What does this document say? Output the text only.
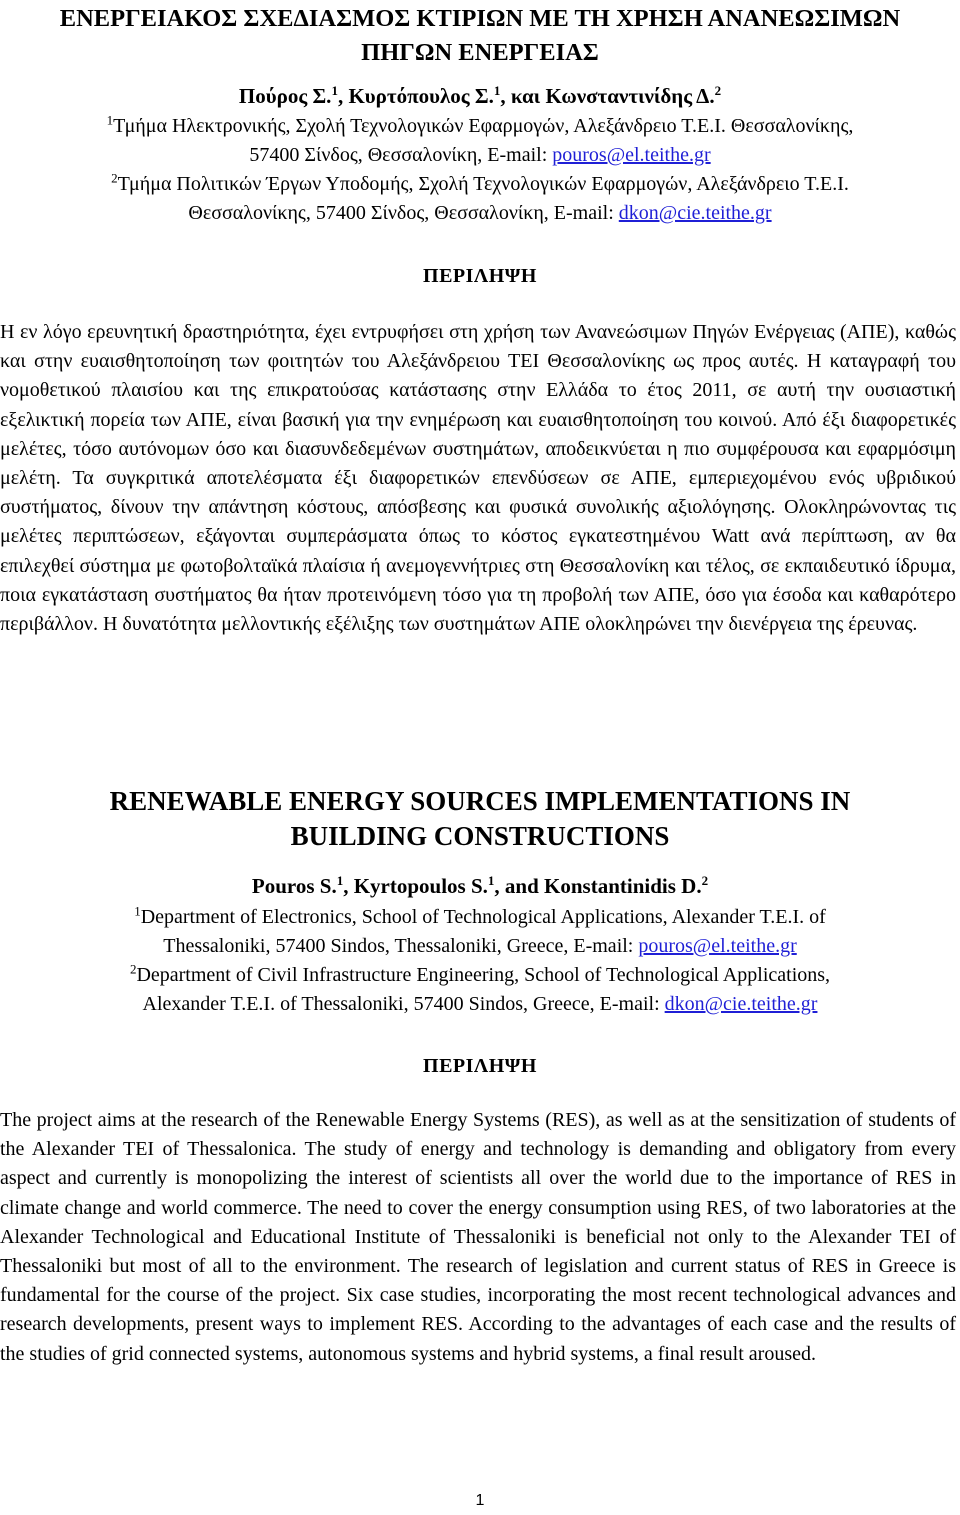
ΕΝΕΡΓΕΙΑΚΟΣ ΣΧΕΔΙΑΣΜΟΣ ΚΤΙΡΙΩΝ ΜΕ ΤΗ ΧΡΗΣΗ ΑΝΑΝΕΩΣΙΜΩΝ ΠΗΓΩΝ ΕΝΕΡΓΕΙΑΣ

Πούρος Σ.$^1$, Κυρτόπουλος Σ.$^1$, και Κωνσταντινίδης Δ.$^2$

$^1$Τμήμα Ηλεκτρονικής, Σχολή Τεχνολογικών Εφαρμογών, Αλεξάνδρειο Τ.Ε.Ι. Θεσσαλονίκης,
57400 Σίνδος, Θεσσαλονίκη, E-mail: pouros@el.teithe.gr

$^2$Τμήμα Πολιτικών Έργων Υποδομής, Σχολή Τεχνολογικών Εφαρμογών, Αλεξάνδρειο Τ.Ε.Ι.
Θεσσαλονίκης, 57400 Σίνδος, Θεσσαλονίκη, E-mail: dkon@cie.teithe.gr

ΠΕΡΙΛΗΨΗ

Η εν λόγο ερευνητική δραστηριότητα, έχει εντρυφήσει στη χρήση των Ανανεώσιμων Πηγών Ενέργειας (ΑΠΕ), καθώς και στην ευαισθητοποίηση των φοιτητών του Αλεξάνδρειου ΤΕΙ Θεσσαλονίκης ως προς αυτές. Η καταγραφή του νομοθετικού πλαισίου και της επικρατούσας κατάστασης στην Ελλάδα το έτος 2011, σε αυτή την ουσιαστική εξελικτική πορεία των ΑΠΕ, είναι βασική για την ενημέρωση και ευαισθητοποίηση του κοινού. Από έξι διαφορετικές μελέτες, τόσο αυτόνομων όσο και διασυνδεδεμένων συστημάτων, αποδεικνύεται η πιο συμφέρουσα και εφαρμόσιμη μελέτη. Τα συγκριτικά αποτελέσματα έξι διαφορετικών επενδύσεων σε ΑΠΕ, εμπεριεχομένου ενός υβριδικού συστήματος, δίνουν την απάντηση κόστους, απόσβεσης και φυσικά συνολικής αξιολόγησης. Ολοκληρώνοντας τις μελέτες περιπτώσεων, εξάγονται συμπεράσματα όπως το κόστος εγκατεστημένου Watt ανά περίπτωση, αν θα επιλεχθεί σύστημα με φωτοβολταϊκά πλαίσια ή ανεμογεννήτριες στη Θεσσαλονίκη και τέλος, σε εκπαιδευτικό ίδρυμα, ποια εγκατάσταση συστήματος θα ήταν προτεινόμενη τόσο για τη προβολή των ΑΠΕ, όσο για έσοδα και καθαρότερο περιβάλλον. Η δυνατότητα μελλοντικής εξέλιξης των συστημάτων ΑΠΕ ολοκληρώνει την διενέργεια της έρευνας.

RENEWABLE ENERGY SOURCES IMPLEMENTATIONS IN BUILDING CONSTRUCTIONS

Pouros S.$^1$, Kyrtopoulos S.$^1$, and Konstantinidis D.$^2$

$^1$Department of Electronics, School of Technological Applications, Alexander T.E.I. of
Thessaloniki, 57400 Sindos, Thessaloniki, Greece, E-mail: pouros@el.teithe.gr

$^2$Department of Civil Infrastructure Engineering, School of Technological Applications,
Alexander T.E.I. of Thessaloniki, 57400 Sindos, Greece, E-mail: dkon@cie.teithe.gr

ΠΕΡΙΛΗΨΗ

The project aims at the research of the Renewable Energy Systems (RES), as well as at the sensitization of students of the Alexander TEI of Thessalonica. The study of energy and technology is demanding and obligatory from every aspect and currently is monopolizing the interest of scientists all over the world due to the importance of RES in climate change and world commerce. The need to cover the energy consumption using RES, of two laboratories at the Alexander Technological and Educational Institute of Thessaloniki is beneficial not only to the Alexander TEI of Thessaloniki but most of all to the environment. The research of legislation and current status of RES in Greece is fundamental for the course of the project. Six case studies, incorporating the most recent technological advances and research developments, present ways to implement RES. According to the advantages of each case and the results of the studies of grid connected systems, autonomous systems and hybrid systems, a final result aroused.

1
